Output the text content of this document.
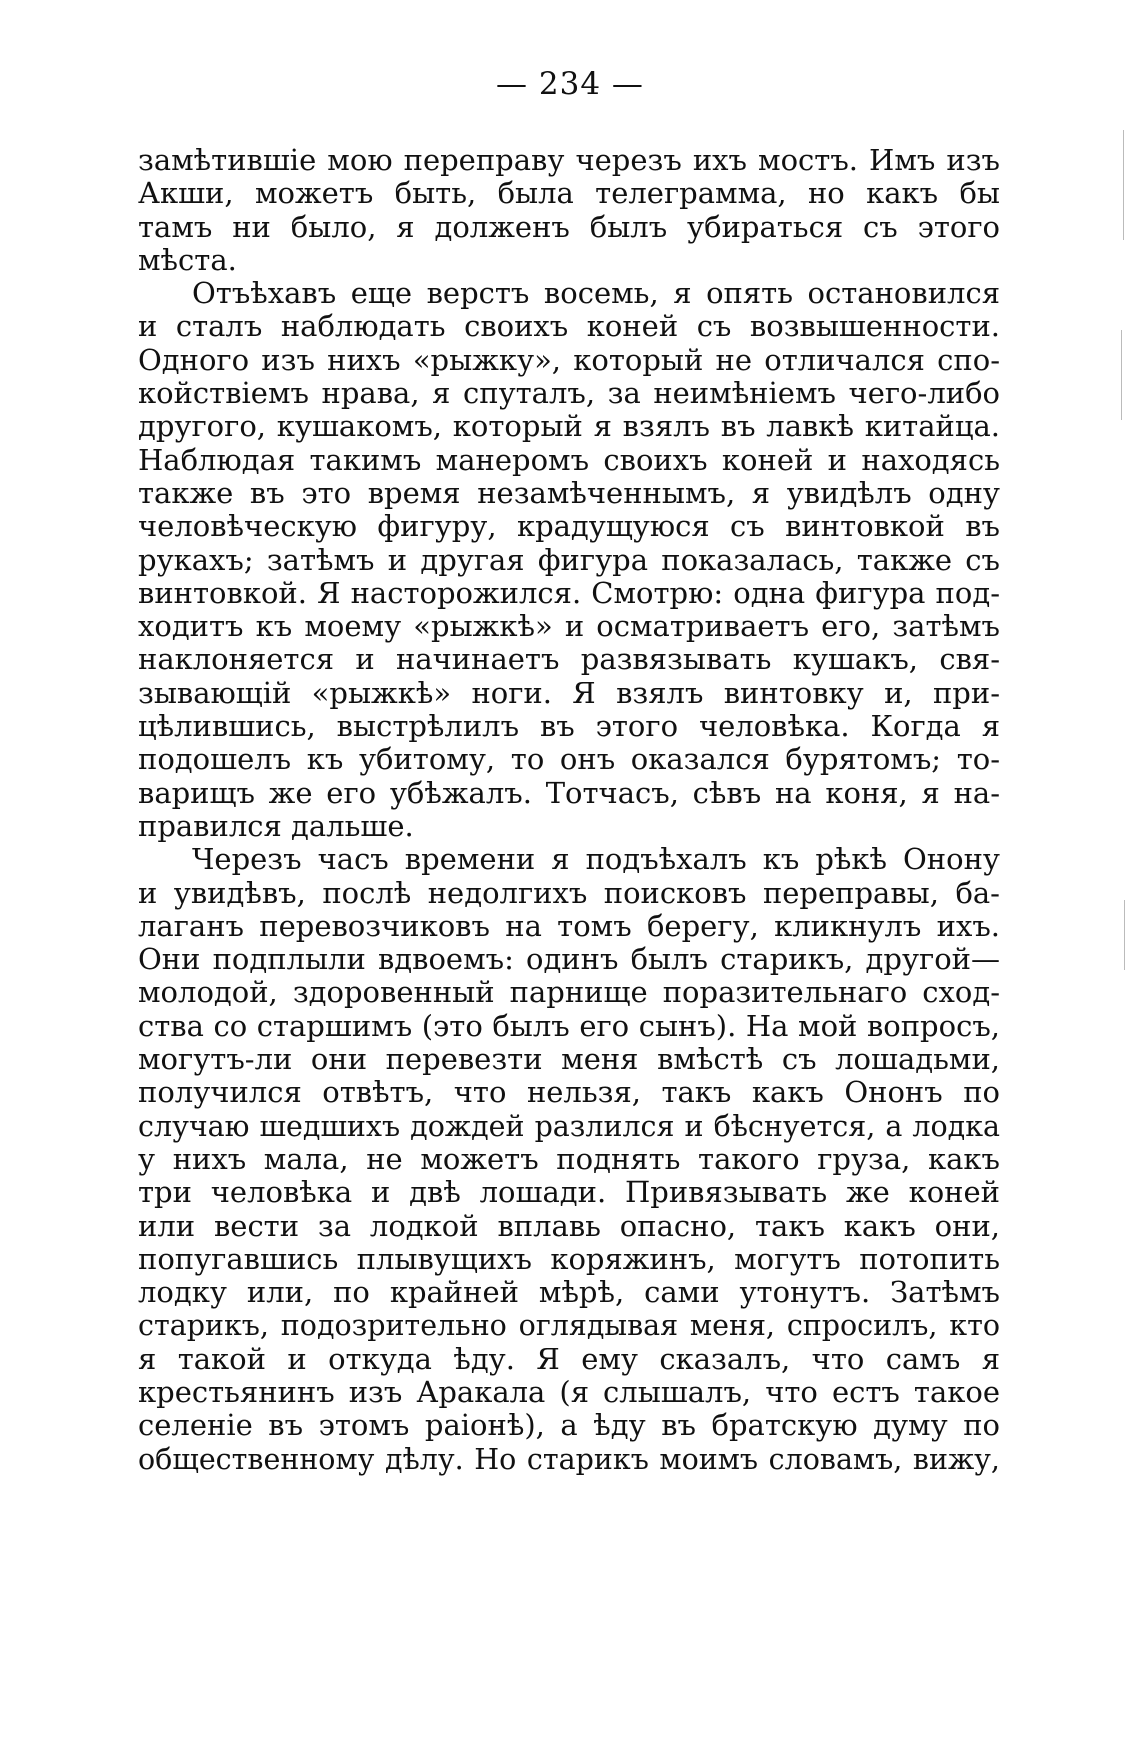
— 234 —
замѣтившіе мою переправу черезъ ихъ мостъ. Имъ изъ
Акши, можетъ быть, была телеграмма, но какъ бы
тамъ ни было, я долженъ былъ убираться съ этого
мѣста.
Отъѣхавъ еще верстъ восемь, я опять остановился
и сталъ наблюдать своихъ коней съ возвышенности.
Одного изъ нихъ «рыжку», который не отличался спо-
койствіемъ нрава, я спуталъ, за неимѣніемъ чего-либо
другого, кушакомъ, который я взялъ въ лавкѣ китайца.
Наблюдая такимъ манеромъ своихъ коней и находясь
также въ это время незамѣченнымъ, я увидѣлъ одну
человѣческую фигуру, крадущуюся съ винтовкой въ
рукахъ; затѣмъ и другая фигура показалась, также съ
винтовкой. Я насторожился. Смотрю: одна фигура под-
ходитъ къ моему «рыжкѣ» и осматриваетъ его, затѣмъ
наклоняется и начинаетъ развязывать кушакъ, свя-
зывающій «рыжкѣ» ноги. Я взялъ винтовку и, при-
цѣлившись, выстрѣлилъ въ этого человѣка. Когда я
подошелъ къ убитому, то онъ оказался бурятомъ; то-
варищъ же его убѣжалъ. Тотчасъ, сѣвъ на коня, я на-
правился дальше.
Черезъ часъ времени я подъѣхалъ къ рѣкѣ Онону
и увидѣвъ, послѣ недолгихъ поисковъ переправы, ба-
лаганъ перевозчиковъ на томъ берегу, кликнулъ ихъ.
Они подплыли вдвоемъ: одинъ былъ старикъ, другой—
молодой, здоровенный парнище поразительнаго сход-
ства со старшимъ (это былъ его сынъ). На мой вопросъ,
могутъ-ли они перевезти меня вмѣстѣ съ лошадьми,
получился отвѣтъ, что нельзя, такъ какъ Ононъ по
случаю шедшихъ дождей разлился и бѣснуется, а лодка
у нихъ мала, не можетъ поднять такого груза, какъ
три человѣка и двѣ лошади. Привязывать же коней
или вести за лодкой вплавь опасно, такъ какъ они,
попугавшись плывущихъ коряжинъ, могутъ потопить
лодку или, по крайней мѣрѣ, сами утонутъ. Затѣмъ
старикъ, подозрительно оглядывая меня, спросилъ, кто
я такой и откуда ѣду. Я ему сказалъ, что самъ я
крестьянинъ изъ Аракала (я слышалъ, что естъ такое
селеніе въ этомъ раіонѣ), а ѣду въ братскую думу по
общественному дѣлу. Но старикъ моимъ словамъ, вижу,
